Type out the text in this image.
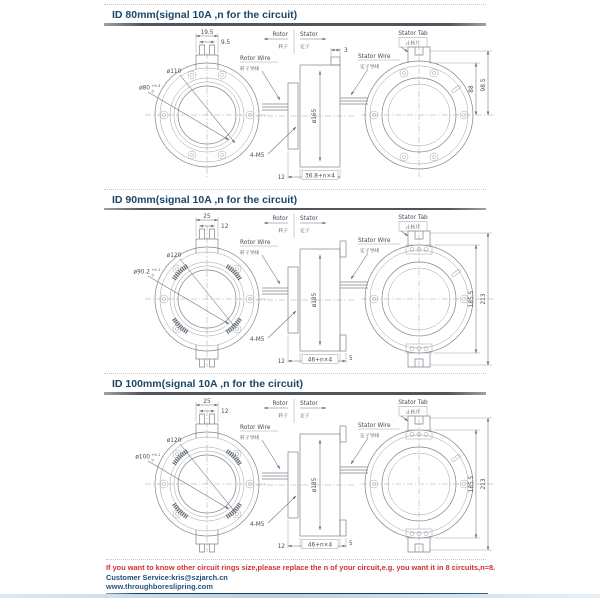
ID 80mm(signal 10A ,n for the circuit)
19.5
9.5
ø110
ø80 +0.3
0
Rotor
转子
Stator
定子
ø165
Rotor Wire
转子导线
Stator Wire
定子导线
4-M5
3
12	36.8+n×4
Stator Tab
止转片
88 98.5
88	98.5
ID 90mm(signal 10A ,n for the circuit)
25
12
ø120
ø90.2 +0.1
0
Rotor
转子
Stator
定子
ø185
Rotor Wire
转子导线
Stator Wire
定子导线
4-M5
12	46+n×4	5
Stator Tab
止转片
185.5	213
185.5 213
ID 100mm(signal 10A ,n for the circuit)
25
12
ø120
ø100 +0.1
0
Rotor
转子
Stator
定子
ø185
Rotor Wire
转子导线
Stator Wire
定子导线
4-M5
12	46+n×4	5
Stator Tab
止转片
185.5	213
185.5 213

If you want to know other circuit rings size,please replace the n of your circuit,e.g. you want it in 8 circuits,n=8.

Customer Service:kris@szjarch.cn

www.throughboreslipring.com
